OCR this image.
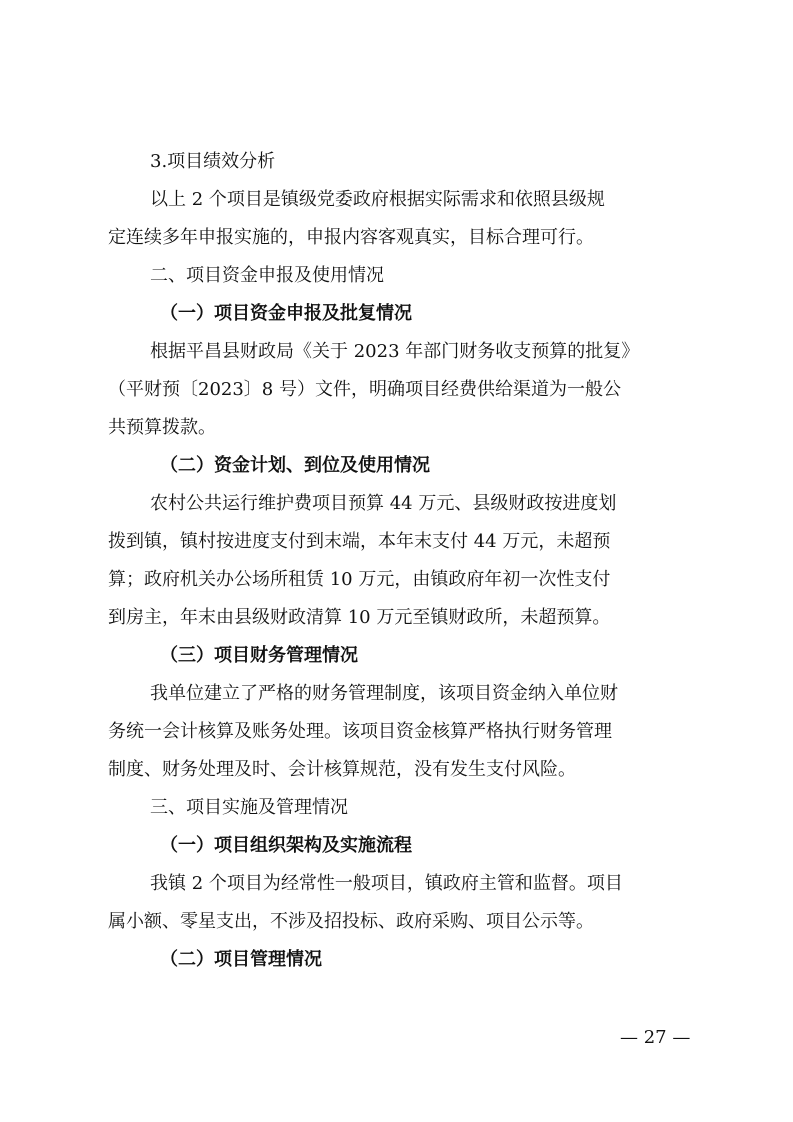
3.项目绩效分析
以上 2 个项目是镇级党委政府根据实际需求和依照县级规
定连续多年申报实施的，申报内容客观真实，目标合理可行。
二、项目资金申报及使用情况
（一）项目资金申报及批复情况
根据平昌县财政局《关于 2023 年部门财务收支预算的批复》
（平财预〔2023〕8 号）文件，明确项目经费供给渠道为一般公
共预算拨款。
（二）资金计划、到位及使用情况
农村公共运行维护费项目预算 44 万元、县级财政按进度划
拨到镇，镇村按进度支付到末端，本年末支付 44 万元，未超预
算；政府机关办公场所租赁 10 万元，由镇政府年初一次性支付
到房主，年末由县级财政清算 10 万元至镇财政所，未超预算。
（三）项目财务管理情况
我单位建立了严格的财务管理制度，该项目资金纳入单位财
务统一会计核算及账务处理。该项目资金核算严格执行财务管理
制度、财务处理及时、会计核算规范，没有发生支付风险。
三、项目实施及管理情况
（一）项目组织架构及实施流程
我镇 2 个项目为经常性一般项目，镇政府主管和监督。项目
属小额、零星支出，不涉及招投标、政府采购、项目公示等。
（二）项目管理情况
— 27 —
